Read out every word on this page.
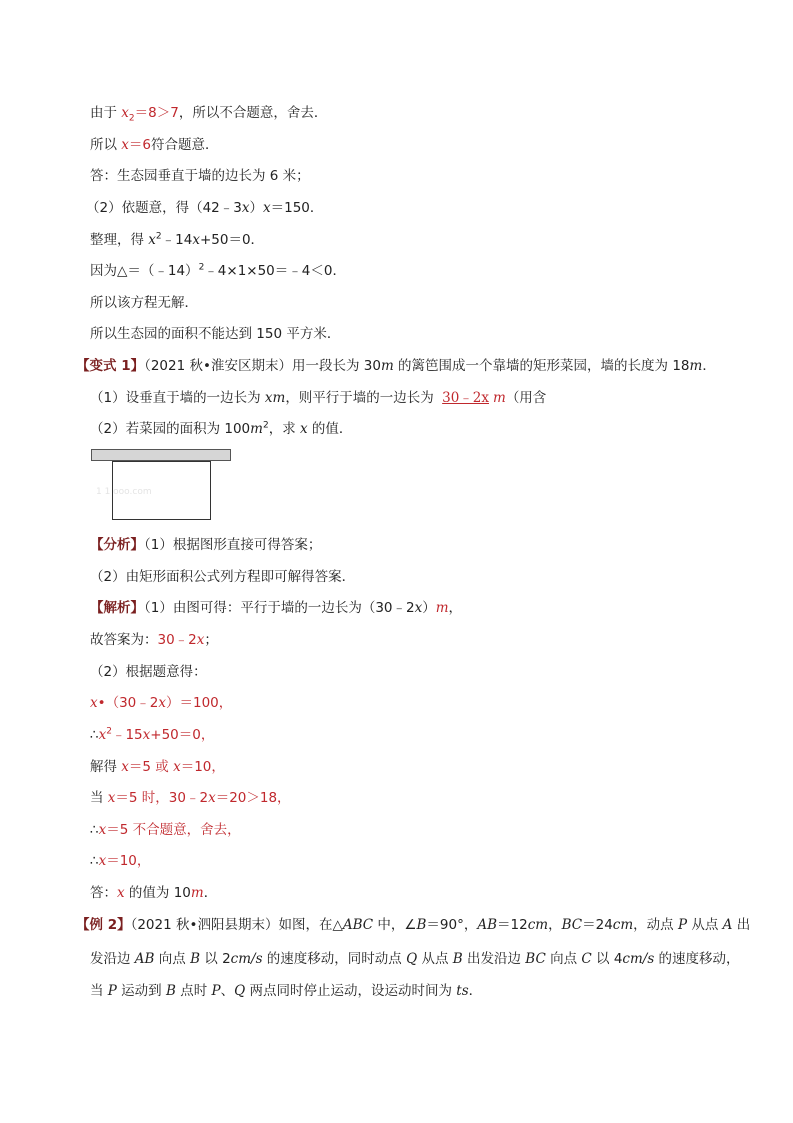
由于 $x_2=8>7$，所以不合题意，舍去．
所以 x＝6符合题意．
答：生态园垂直于墙的边长为 6 米；
（2）依题意，得（42﹣3x）x＝150．
整理，得 $x^2﹣14x+50=0$．
因为△＝（﹣14）$^2$﹣4×1×50＝﹣4＜0．
所以该方程无解．
所以生态园的面积不能达到 150 平方米．
【变式 1】（2021 秋•淮安区期末）用一段长为 30m 的篱笆围成一个靠墙的矩形菜园，墙的长度为 18m．
（1）设垂直于墙的一边长为 xm，则平行于墙的一边长为 30﹣2x m（用含
（2）若菜园的面积为 $100m^2$，求 x 的值．
1 1 ooo.com
【分析】（1）根据图形直接可得答案；
（2）由矩形面积公式列方程即可解得答案．
【解析】（1）由图可得：平行于墙的一边长为（30﹣2x）m，
故答案为：30﹣2x；
（2）根据题意得：
x•（30﹣2x）＝100，
$\therefore x^2﹣15x+50=0$，
解得 x＝5 或 x＝10，
当 x＝5 时，30﹣2x＝20＞18，
∴x＝5 不合题意，舍去，
∴x＝10，
答：x 的值为 10m．
【例 2】（2021 秋•泗阳县期末）如图，在△ABC 中，∠B＝90°，AB＝12cm，BC＝24cm，动点 P 从点 A 出
发沿边 AB 向点 B 以 2cm/s 的速度移动，同时动点 Q 从点 B 出发沿边 BC 向点 C 以 4cm/s 的速度移动，
当 P 运动到 B 点时 P、Q 两点同时停止运动，设运动时间为 ts．
